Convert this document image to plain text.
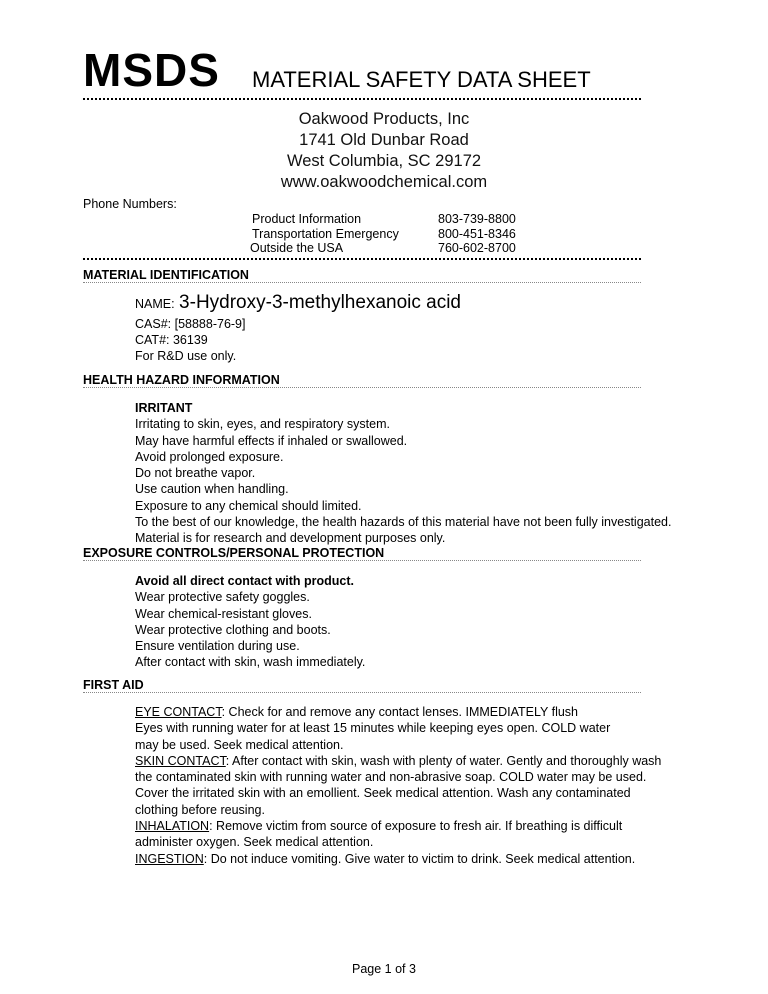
MSDS MATERIAL SAFETY DATA SHEET
Oakwood Products, Inc
1741 Old Dunbar Road
West Columbia, SC 29172
www.oakwoodchemical.com
Phone Numbers:
Product Information	803-739-8800
Transportation Emergency	800-451-8346
Outside the USA	760-602-8700
MATERIAL IDENTIFICATION
NAME: 3-Hydroxy-3-methylhexanoic acid
CAS#: [58888-76-9]
CAT#: 36139
For R&D use only.
HEALTH HAZARD INFORMATION
IRRITANT
Irritating to skin, eyes, and respiratory system.
May have harmful effects if inhaled or swallowed.
Avoid prolonged exposure.
Do not breathe vapor.
Use caution when handling.
Exposure to any chemical should limited.
To the best of our knowledge, the health hazards of this material have not been fully investigated.
Material is for research and development purposes only.
EXPOSURE CONTROLS/PERSONAL PROTECTION
Avoid all direct contact with product.
Wear protective safety goggles.
Wear chemical-resistant gloves.
Wear protective clothing and boots.
Ensure ventilation during use.
After contact with skin, wash immediately.
FIRST AID
EYE CONTACT: Check for and remove any contact lenses. IMMEDIATELY flush
Eyes with running water for at least 15 minutes while keeping eyes open. COLD water
may be used. Seek medical attention.
SKIN CONTACT: After contact with skin, wash with plenty of water. Gently and thoroughly wash
the contaminated skin with running water and non-abrasive soap. COLD water may be used.
Cover the irritated skin with an emollient. Seek medical attention. Wash any contaminated
clothing before reusing.
INHALATION: Remove victim from source of exposure to fresh air. If breathing is difficult
administer oxygen. Seek medical attention.
INGESTION: Do not induce vomiting. Give water to victim to drink. Seek medical attention.
Page 1 of 3
